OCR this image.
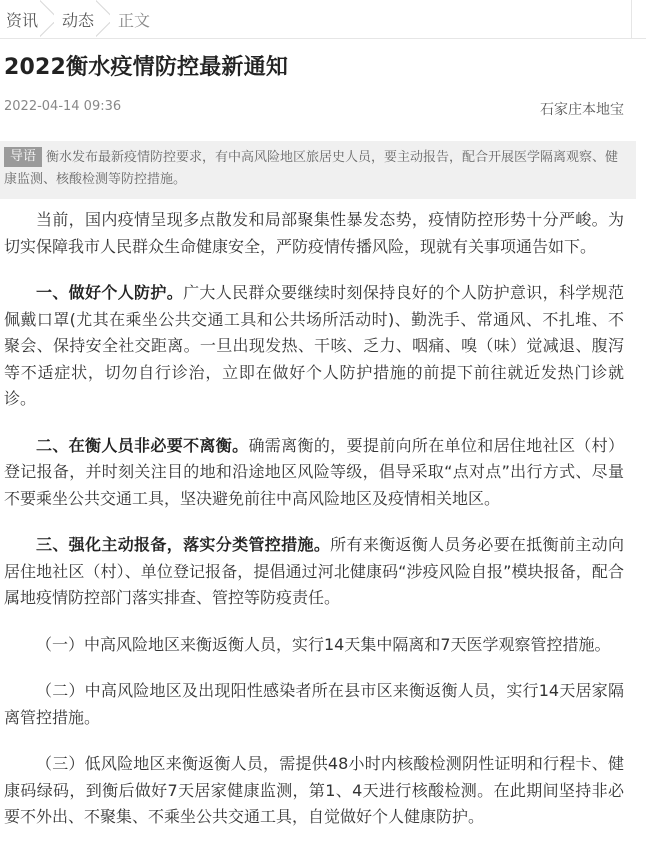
资讯 动态 正文
2022衡水疫情防控最新通知
2022-04-14 09:36	石家庄本地宝
导语 衡水发布最新疫情防控要求，有中高风险地区旅居史人员，要主动报告，配合开展医学隔离观察、健康监测、核酸检测等防控措施。

当前，国内疫情呈现多点散发和局部聚集性暴发态势，疫情防控形势十分严峻。为切实保障我市人民群众生命健康安全，严防疫情传播风险，现就有关事项通告如下。

一、做好个人防护。广大人民群众要继续时刻保持良好的个人防护意识，科学规范佩戴口罩(尤其在乘坐公共交通工具和公共场所活动时)、勤洗手、常通风、不扎堆、不聚会、保持安全社交距离。一旦出现发热、干咳、乏力、咽痛、嗅（味）觉减退、腹泻等不适症状，切勿自行诊治，立即在做好个人防护措施的前提下前往就近发热门诊就诊。

二、在衡人员非必要不离衡。确需离衡的，要提前向所在单位和居住地社区（村）登记报备，并时刻关注目的地和沿途地区风险等级，倡导采取“点对点”出行方式、尽量不要乘坐公共交通工具，坚决避免前往中高风险地区及疫情相关地区。

三、强化主动报备，落实分类管控措施。所有来衡返衡人员务必要在抵衡前主动向居住地社区（村）、单位登记报备，提倡通过河北健康码“涉疫风险自报”模块报备，配合属地疫情防控部门落实排查、管控等防疫责任。

（一）中高风险地区来衡返衡人员，实行14天集中隔离和7天医学观察管控措施。

（二）中高风险地区及出现阳性感染者所在县市区来衡返衡人员，实行14天居家隔离管控措施。

（三）低风险地区来衡返衡人员，需提供48小时内核酸检测阴性证明和行程卡、健康码绿码，到衡后做好7天居家健康监测，第1、4天进行核酸检测。在此期间坚持非必要不外出、不聚集、不乘坐公共交通工具，自觉做好个人健康防护。
